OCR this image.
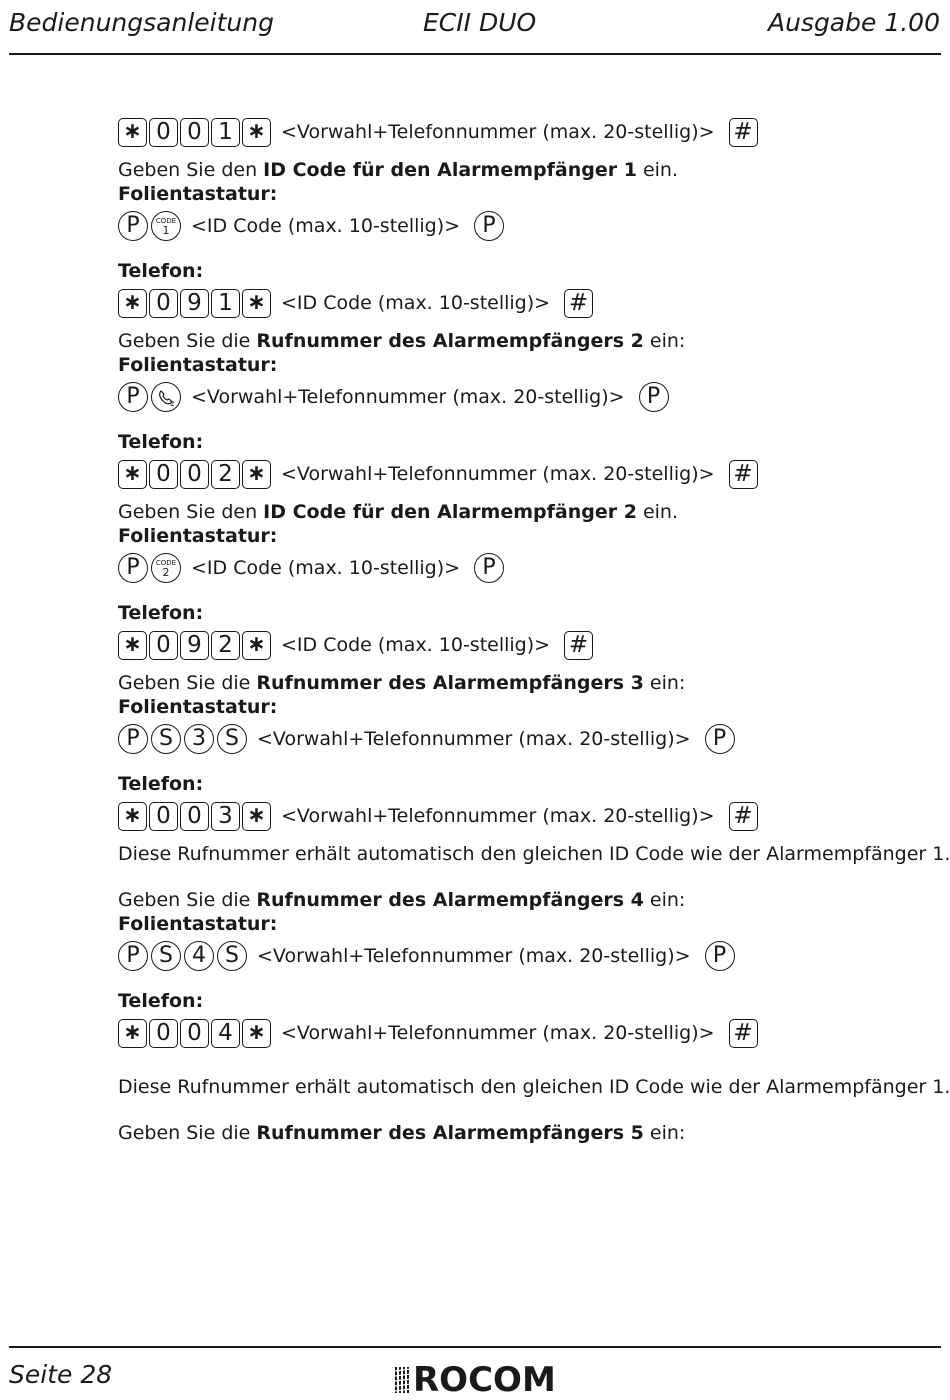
Bedienungsanleitung	ECII DUO	Ausgabe 1.00
∗ 0 0 1 ∗ <Vorwahl+Telefonnummer (max. 20-stellig)> #
Geben Sie den ID Code für den Alarmempfänger 1 ein.
Folientastatur:
P	CODE
1 <ID Code (max. 10-stellig)>	P
Telefon:
∗ 0 9 1 ∗ <ID Code (max. 10-stellig)> #
Geben Sie die Rufnummer des Alarmempfängers 2 ein:
Folientastatur:
P	2 <Vorwahl+Telefonnummer (max. 20-stellig)>	P
Telefon:
∗ 0 0 2 ∗ <Vorwahl+Telefonnummer (max. 20-stellig)> #
Geben Sie den ID Code für den Alarmempfänger 2 ein.
Folientastatur:
P	CODE
2 <ID Code (max. 10-stellig)>	P
Telefon:
∗ 0 9 2 ∗ <ID Code (max. 10-stellig)> #
Geben Sie die Rufnummer des Alarmempfängers 3 ein:
Folientastatur:
P S 3 S <Vorwahl+Telefonnummer (max. 20-stellig)>	P
Telefon:
∗ 0 0 3 ∗ <Vorwahl+Telefonnummer (max. 20-stellig)> #
Diese Rufnummer erhält automatisch den gleichen ID Code wie der Alarmempfänger 1.
Geben Sie die Rufnummer des Alarmempfängers 4 ein:
Folientastatur:
P S 4 S <Vorwahl+Telefonnummer (max. 20-stellig)>	P
Telefon:
∗ 0 0 4 ∗ <Vorwahl+Telefonnummer (max. 20-stellig)> #
Diese Rufnummer erhält automatisch den gleichen ID Code wie der Alarmempfänger 1.
Geben Sie die Rufnummer des Alarmempfängers 5 ein:
Seite 28	ROCOM
